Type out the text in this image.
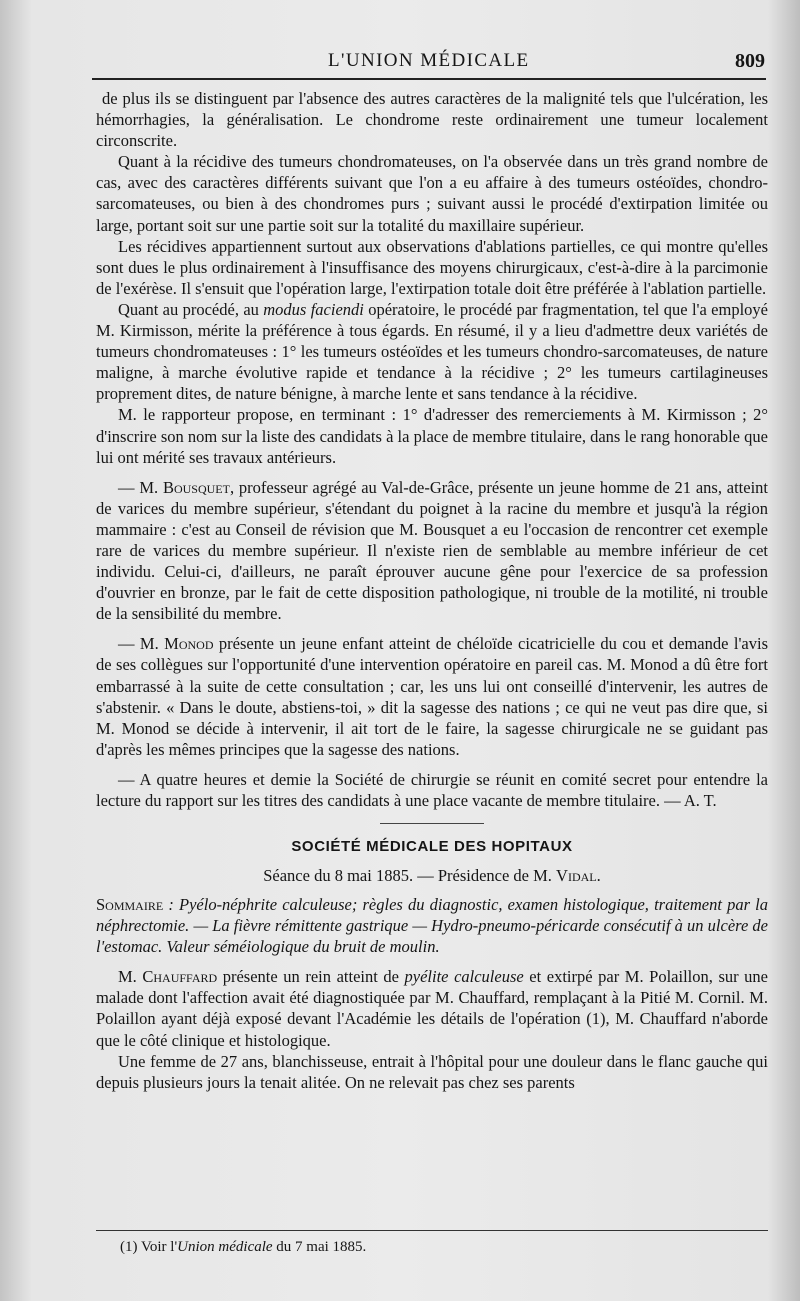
L'UNION MÉDICALE	809

de plus ils se distinguent par l'absence des autres caractères de la malignité tels que l'ulcération, les hémorrhagies, la généralisation. Le chondrome reste ordinairement une tumeur localement circonscrite.

Quant à la récidive des tumeurs chondromateuses, on l'a observée dans un très grand nombre de cas, avec des caractères différents suivant que l'on a eu affaire à des tumeurs ostéoïdes, chondro-sarcomateuses, ou bien à des chondromes purs ; suivant aussi le procédé d'extirpation limitée ou large, portant soit sur une partie soit sur la totalité du maxillaire supérieur.

Les récidives appartiennent surtout aux observations d'ablations partielles, ce qui montre qu'elles sont dues le plus ordinairement à l'insuffisance des moyens chirurgicaux, c'est-à-dire à la parcimonie de l'exérèse. Il s'ensuit que l'opération large, l'extirpation totale doit être préférée à l'ablation partielle.

Quant au procédé, au modus faciendi opératoire, le procédé par fragmentation, tel que l'a employé M. Kirmisson, mérite la préférence à tous égards. En résumé, il y a lieu d'admettre deux variétés de tumeurs chondromateuses : 1° les tumeurs ostéoïdes et les tumeurs chondro-sarcomateuses, de nature maligne, à marche évolutive rapide et tendance à la récidive ; 2° les tumeurs cartilagineuses proprement dites, de nature bénigne, à marche lente et sans tendance à la récidive.

M. le rapporteur propose, en terminant : 1° d'adresser des remerciements à M. Kirmisson ; 2° d'inscrire son nom sur la liste des candidats à la place de membre titulaire, dans le rang honorable que lui ont mérité ses travaux antérieurs.

— M. Bousquet, professeur agrégé au Val-de-Grâce, présente un jeune homme de 21 ans, atteint de varices du membre supérieur, s'étendant du poignet à la racine du membre et jusqu'à la région mammaire : c'est au Conseil de révision que M. Bousquet a eu l'occasion de rencontrer cet exemple rare de varices du membre supérieur. Il n'existe rien de semblable au membre inférieur de cet individu. Celui-ci, d'ailleurs, ne paraît éprouver aucune gêne pour l'exercice de sa profession d'ouvrier en bronze, par le fait de cette disposition pathologique, ni trouble de la motilité, ni trouble de la sensibilité du membre.

— M. Monod présente un jeune enfant atteint de chéloïde cicatricielle du cou et demande l'avis de ses collègues sur l'opportunité d'une intervention opératoire en pareil cas. M. Monod a dû être fort embarrassé à la suite de cette consultation ; car, les uns lui ont conseillé d'intervenir, les autres de s'abstenir. « Dans le doute, abstiens-toi, » dit la sagesse des nations ; ce qui ne veut pas dire que, si M. Monod se décide à intervenir, il ait tort de le faire, la sagesse chirurgicale ne se guidant pas d'après les mêmes principes que la sagesse des nations.

— A quatre heures et demie la Société de chirurgie se réunit en comité secret pour entendre la lecture du rapport sur les titres des candidats à une place vacante de membre titulaire. — A. T.

SOCIÉTÉ MÉDICALE DES HOPITAUX
Séance du 8 mai 1885. — Présidence de M. Vidal.
Sommaire : Pyélo-néphrite calculeuse; règles du diagnostic, examen histologique, traitement par la néphrectomie. — La fièvre rémittente gastrique — Hydro-pneumo-péricarde consécutif à un ulcère de l'estomac. Valeur séméiologique du bruit de moulin.

M. Chauffard présente un rein atteint de pyélite calculeuse et extirpé par M. Polaillon, sur une malade dont l'affection avait été diagnostiquée par M. Chauffard, remplaçant à la Pitié M. Cornil. M. Polaillon ayant déjà exposé devant l'Académie les détails de l'opération (1), M. Chauffard n'aborde que le côté clinique et histologique.

Une femme de 27 ans, blanchisseuse, entrait à l'hôpital pour une douleur dans le flanc gauche qui depuis plusieurs jours la tenait alitée. On ne relevait pas chez ses parents

(1) Voir l'Union médicale du 7 mai 1885.
